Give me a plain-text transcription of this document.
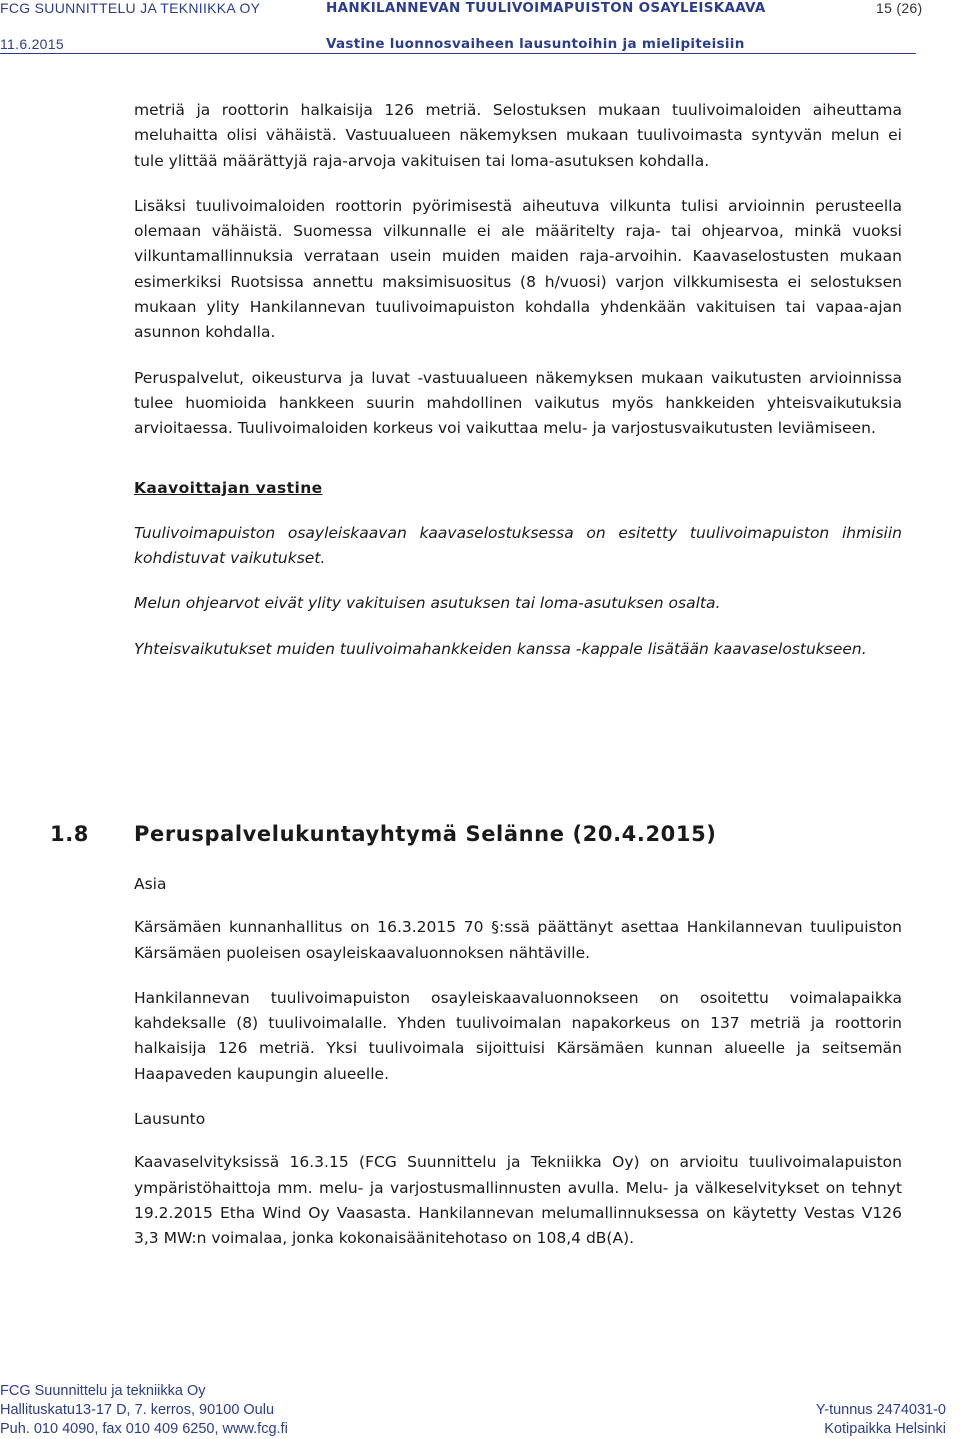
FCG SUUNNITTELU JA TEKNIIKKA OY	HANKILANNEVAN TUULIVOIMAPUISTON OSAYLEISKAAVA	15 (26)
11.6.2015	Vastine luonnosvaiheen lausuntoihin ja mielipiteisiin

metriä ja roottorin halkaisija 126 metriä. Selostuksen mukaan tuulivoimaloiden aiheuttama meluhaitta olisi vähäistä. Vastuualueen näkemyksen mukaan tuulivoimasta syntyvän melun ei tule ylittää määrättyjä raja-arvoja vakituisen tai loma-asutuksen kohdalla.

Lisäksi tuulivoimaloiden roottorin pyörimisestä aiheutuva vilkunta tulisi arvioinnin perusteella olemaan vähäistä. Suomessa vilkunnalle ei ale määritelty raja- tai ohjearvoa, minkä vuoksi vilkuntamallinnuksia verrataan usein muiden maiden raja-arvoihin. Kaavaselostusten mukaan esimerkiksi Ruotsissa annettu maksimisuositus (8 h/vuosi) varjon vilkkumisesta ei selostuksen mukaan ylity Hankilannevan tuulivoimapuiston kohdalla yhdenkään vakituisen tai vapaa-ajan asunnon kohdalla.

Peruspalvelut, oikeusturva ja luvat -vastuualueen näkemyksen mukaan vaikutusten arvioinnissa tulee huomioida hankkeen suurin mahdollinen vaikutus myös hankkeiden yhteisvaikutuksia arvioitaessa. Tuulivoimaloiden korkeus voi vaikuttaa melu- ja varjostusvaikutusten leviämiseen.

Kaavoittajan vastine

Tuulivoimapuiston osayleiskaavan kaavaselostuksessa on esitetty tuulivoimapuiston ihmisiin kohdistuvat vaikutukset.

Melun ohjearvot eivät ylity vakituisen asutuksen tai loma-asutuksen osalta.

Yhteisvaikutukset muiden tuulivoimahankkeiden kanssa -kappale lisätään kaavaselostukseen.

1.8 Peruspalvelukuntayhtymä Selänne (20.4.2015)

Asia

Kärsämäen kunnanhallitus on 16.3.2015 70 §:ssä päättänyt asettaa Hankilannevan tuulipuiston Kärsämäen puoleisen osayleiskaavaluonnoksen nähtäville.

Hankilannevan tuulivoimapuiston osayleiskaavaluonnokseen on osoitettu voimalapaikka kahdeksalle (8) tuulivoimalalle. Yhden tuulivoimalan napakorkeus on 137 metriä ja roottorin halkaisija 126 metriä. Yksi tuulivoimala sijoittuisi Kärsämäen kunnan alueelle ja seitsemän Haapaveden kaupungin alueelle.

Lausunto

Kaavaselvityksissä 16.3.15 (FCG Suunnittelu ja Tekniikka Oy) on arvioitu tuulivoimalapuiston ympäristöhaittoja mm. melu- ja varjostusmallinnusten avulla. Melu- ja välkeselvitykset on tehnyt 19.2.2015 Etha Wind Oy Vaasasta. Hankilannevan melumallinnuksessa on käytetty Vestas V126 3,3 MW:n voimalaa, jonka kokonaisäänitehotaso on 108,4 dB(A).

FCG Suunnittelu ja tekniikka Oy
Hallituskatu13-17 D, 7. kerros, 90100 Oulu
Puh. 010 4090, fax 010 409 6250, www.fcg.fi
Y-tunnus 2474031-0
Kotipaikka Helsinki
